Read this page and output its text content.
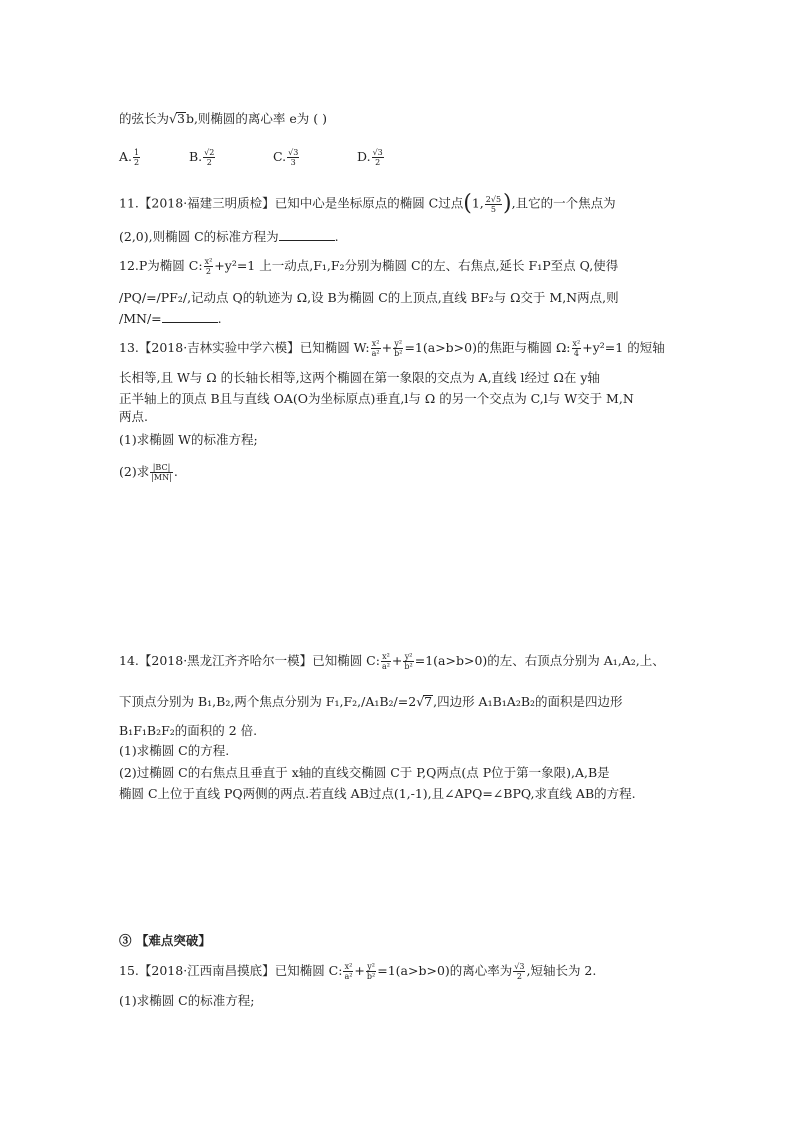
的弦长为√3b,则椭圆的离心率 e为 ( )
A. $\frac{1}{2}$	B. $\frac{√2}{2}$	C. $\frac{√3}{3}$	D. $\frac{√3}{2}$
11.【2018·福建三明质检】已知中心是坐标原点的椭圆 C过点(1, $\frac{2√5}{5}$ ),且它的一个焦点为
(2,0),则椭圆 C的标准方程为	.
12.P为椭圆 C: $\frac{\text{x²}}{2} +y^2=1$ 上一动点,F₁,F₂分别为椭圆 C的左、右焦点,延长 F₁P至点 Q,使得
/PQ/=/PF₂/,记动点 Q的轨迹为 Ω,设 B为椭圆 C的上顶点,直线 BF₂与 Ω交于 M,N两点,则
/MN/=	.
13.【2018·吉林实验中学六模】已知椭圆 W: $\frac{\text{x²}}{\text{a²}} + \frac{\text{y²}}{\text{b²}} =1(a>b>0)$的焦距与椭圆 Ω: $\frac{\text{x²}}{4} +y^2=1$ 的短轴
长相等,且 W与 Ω 的长轴长相等,这两个椭圆在第一象限的交点为 A,直线 l经过 Ω在 y轴
正半轴上的顶点 B且与直线 OA(O为坐标原点)垂直,l与 Ω 的另一个交点为 C,l与 W交于 M,N
两点.
(1)求椭圆 W的标准方程;
(2)求 $\frac{|BC|}{|MN|}$ .
14.【2018·黑龙江齐齐哈尔一模】已知椭圆 C: $\frac{\text{x²}}{\text{a²}} + \frac{\text{y²}}{\text{b²}} =1(a>b>0)$的左、右顶点分别为 A₁,A₂,上、
下顶点分别为 B₁,B₂,两个焦点分别为 F₁,F₂,/A₁B₂/=2√7,四边形 A₁B₁A₂B₂的面积是四边形
B₁F₁B₂F₂的面积的 2 倍.
(1)求椭圆 C的方程.
(2)过椭圆 C的右焦点且垂直于 x轴的直线交椭圆 C于 P,Q两点(点 P位于第一象限),A,B是
椭圆 C上位于直线 PQ两侧的两点.若直线 AB过点(1,-1),且∠APQ=∠BPQ,求直线 AB的方程.
③ 【难点突破】
15.【2018·江西南昌摸底】已知椭圆 C: $\frac{\text{x²}}{\text{a²}} + \frac{\text{y²}}{\text{b²}} =1(a>b>0)$的离心率为 $\frac{√3}{2}$ ,短轴长为 2.
(1)求椭圆 C的标准方程;
